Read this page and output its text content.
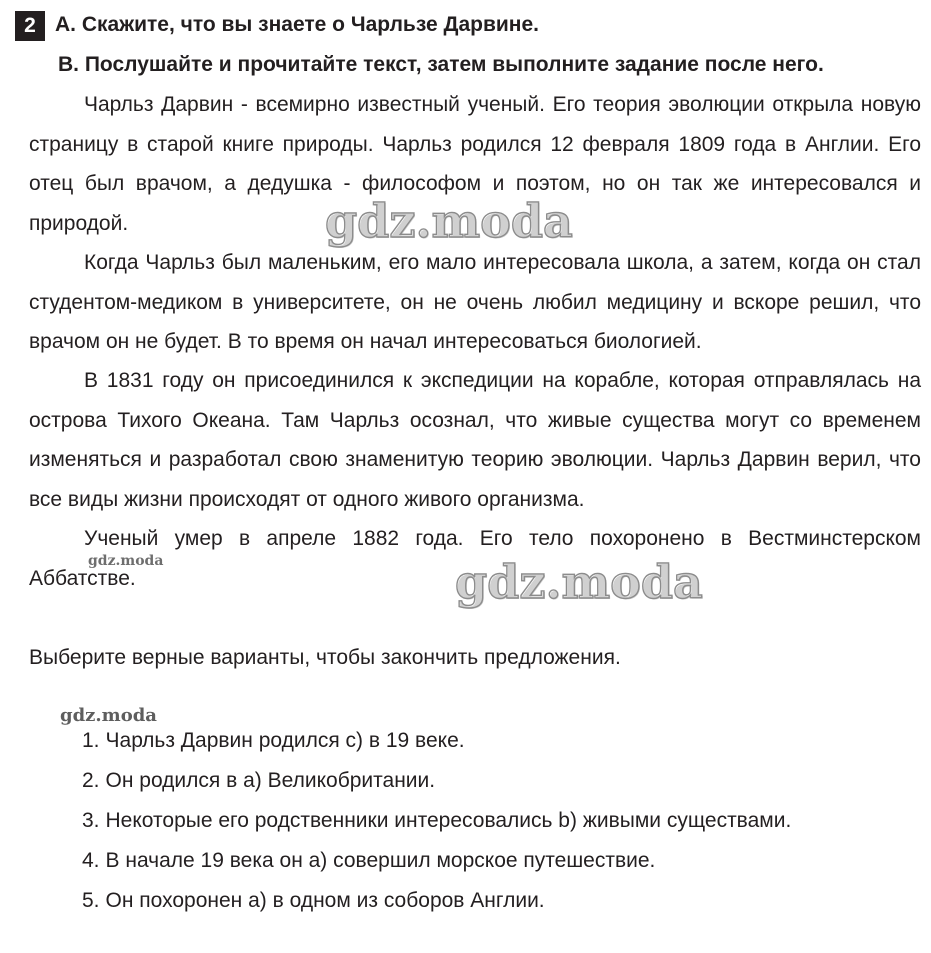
2 А. Скажите, что вы знаете о Чарльзе Дарвине.
B. Послушайте и прочитайте текст, затем выполните задание после него.

Чарльз Дарвин - всемирно известный ученый. Его теория эволюции открыла новую страницу в старой книге природы. Чарльз родился 12 февраля 1809 года в Англии. Его отец был врачом, а дедушка - философом и поэтом, но он так же интересовался и природой.

Когда Чарльз был маленьким, его мало интересовала школа, а затем, когда он стал студентом-медиком в университете, он не очень любил медицину и вскоре решил, что врачом он не будет. В то время он начал интересоваться биологией.

В 1831 году он присоединился к экспедиции на корабле, которая отправлялась на острова Тихого Океана. Там Чарльз осознал, что живые существа могут со временем изменяться и разработал свою знаменитую теорию эволюции. Чарльз Дарвин верил, что все виды жизни происходят от одного живого организма.

Ученый умер в апреле 1882 года. Его тело похоронено в Вестминстерском Аббатстве.

Выберите верные варианты, чтобы закончить предложения.
1. Чарльз Дарвин родился c) в 19 веке.
2. Он родился в a) Великобритании.
3. Некоторые его родственники интересовались b) живыми существами.
4. В начале 19 века он a) совершил морское путешествие.
5. Он похоронен a) в одном из соборов Англии.
gdz.moda
gdz.moda
gdz.moda
gdz.moda
